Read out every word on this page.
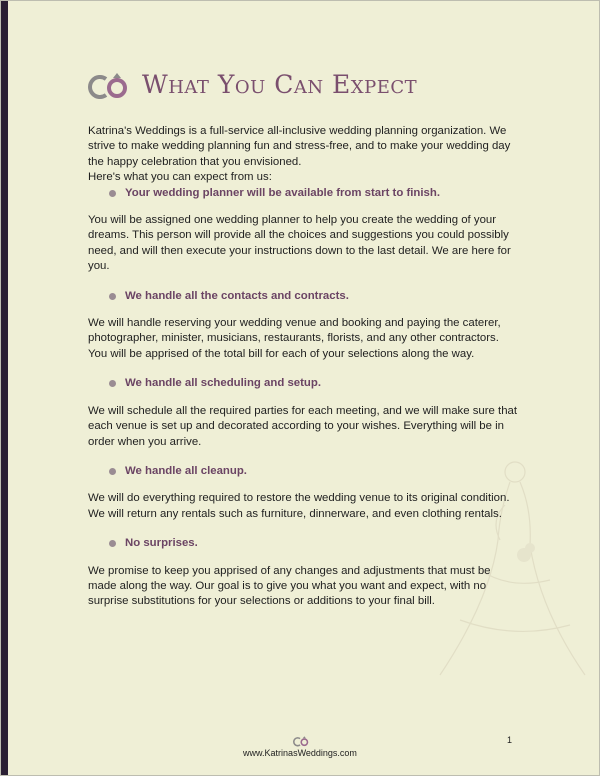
What You Can Expect

Katrina's Weddings is a full-service all-inclusive wedding planning organization. We strive to make wedding planning fun and stress-free, and to make your wedding day the happy celebration that you envisioned.

Here's what you can expect from us:

Your wedding planner will be available from start to finish.

You will be assigned one wedding planner to help you create the wedding of your dreams. This person will provide all the choices and suggestions you could possibly need, and will then execute your instructions down to the last detail. We are here for you.

We handle all the contacts and contracts.

We will handle reserving your wedding venue and booking and paying the caterer, photographer, minister, musicians, restaurants, florists, and any other contractors. You will be apprised of the total bill for each of your selections along the way.

We handle all scheduling and setup.

We will schedule all the required parties for each meeting, and we will make sure that each venue is set up and decorated according to your wishes. Everything will be in order when you arrive.

We handle all cleanup.

We will do everything required to restore the wedding venue to its original condition. We will return any rentals such as furniture, dinnerware, and even clothing rentals.

No surprises.

We promise to keep you apprised of any changes and adjustments that must be made along the way. Our goal is to give you what you want and expect, with no surprise substitutions for your selections or additions to your final bill.

www.KatrinasWeddings.com
1
